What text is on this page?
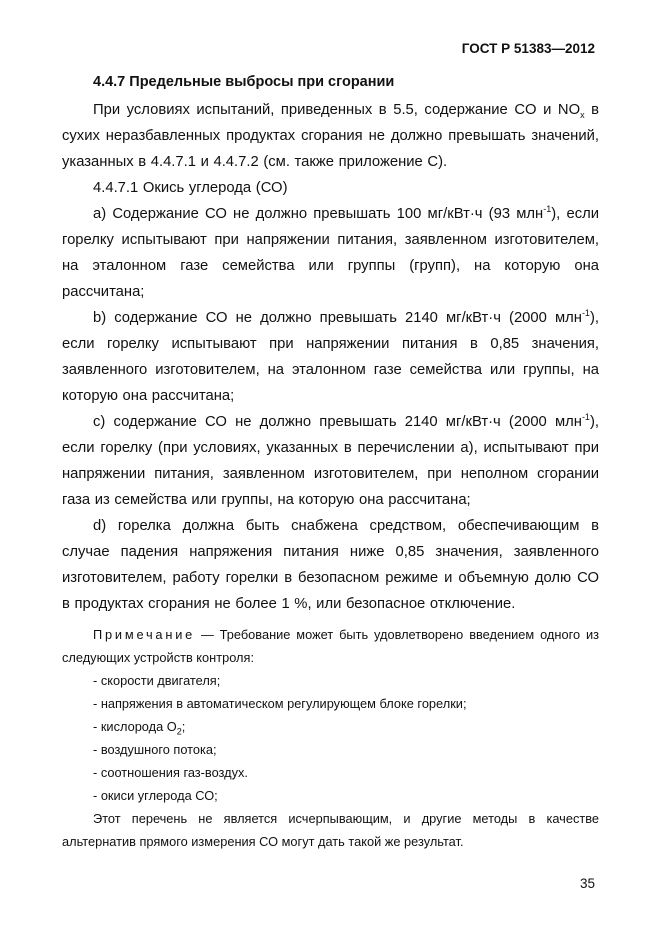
ГОСТ Р 51383—2012

4.4.7 Предельные выбросы при сгорании

При условиях испытаний, приведенных в 5.5, содержание CO и $NO_x$ в сухих неразбавленных продуктах сгорания не должно превышать значений, указанных в 4.4.7.1 и 4.4.7.2 (см. также приложение С).

4.4.7.1 Окись углерода (СО)

а) Содержание СО не должно превышать 100 мг/кВт·ч (93 млн$^{-1}$), если горелку испытывают при напряжении питания, заявленном изготовителем, на эталонном газе семейства или группы (групп), на которую она рассчитана;

b) содержание СО не должно превышать 2140 мг/кВт·ч (2000 млн$^{-1}$), если горелку испытывают при напряжении питания в 0,85 значения, заявленного изготовителем, на эталонном газе семейства или группы, на которую она рассчитана;

с) содержание СО не должно превышать 2140 мг/кВт·ч (2000 млн$^{-1}$), если горелку (при условиях, указанных в перечислении а), испытывают при напряжении питания, заявленном изготовителем, при неполном сгорании газа из семейства или группы, на которую она рассчитана;

d) горелка должна быть снабжена средством, обеспечивающим в случае падения напряжения питания ниже 0,85 значения, заявленного изготовителем, работу горелки в безопасном режиме и объемную долю СО в продуктах сгорания не более 1 %, или безопасное отключение.

Примечание — Требование может быть удовлетворено введением одного из следующих устройств контроля:

- скорости двигателя;

- напряжения в автоматическом регулирующем блоке горелки;

- кислорода $О_2$;

- воздушного потока;

- соотношения газ-воздух.

- окиси углерода СО;

Этот перечень не является исчерпывающим, и другие методы в качестве альтернатив прямого измерения СО могут дать такой же результат.

35
